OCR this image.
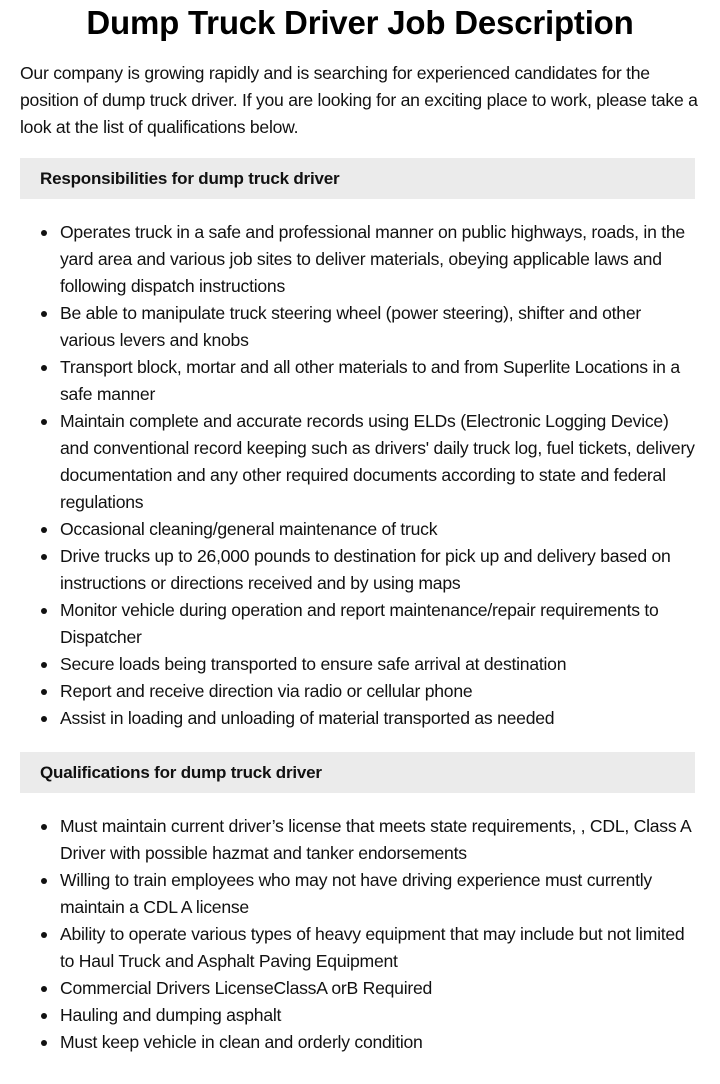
Dump Truck Driver Job Description

Our company is growing rapidly and is searching for experienced candidates for the position of dump truck driver. If you are looking for an exciting place to work, please take a look at the list of qualifications below.

Responsibilities for dump truck driver
Operates truck in a safe and professional manner on public highways, roads, in the yard area and various job sites to deliver materials, obeying applicable laws and following dispatch instructions
Be able to manipulate truck steering wheel (power steering), shifter and other various levers and knobs
Transport block, mortar and all other materials to and from Superlite Locations in a safe manner
Maintain complete and accurate records using ELDs (Electronic Logging Device) and conventional record keeping such as drivers' daily truck log, fuel tickets, delivery documentation and any other required documents according to state and federal regulations
Occasional cleaning/general maintenance of truck
Drive trucks up to 26,000 pounds to destination for pick up and delivery based on instructions or directions received and by using maps
Monitor vehicle during operation and report maintenance/repair requirements to Dispatcher
Secure loads being transported to ensure safe arrival at destination
Report and receive direction via radio or cellular phone
Assist in loading and unloading of material transported as needed
Qualifications for dump truck driver
Must maintain current driver’s license that meets state requirements, , CDL, Class A Driver with possible hazmat and tanker endorsements
Willing to train employees who may not have driving experience must currently maintain a CDL A license
Ability to operate various types of heavy equipment that may include but not limited to Haul Truck and Asphalt Paving Equipment
Commercial Drivers LicenseClassA orB Required
Hauling and dumping asphalt
Must keep vehicle in clean and orderly condition
